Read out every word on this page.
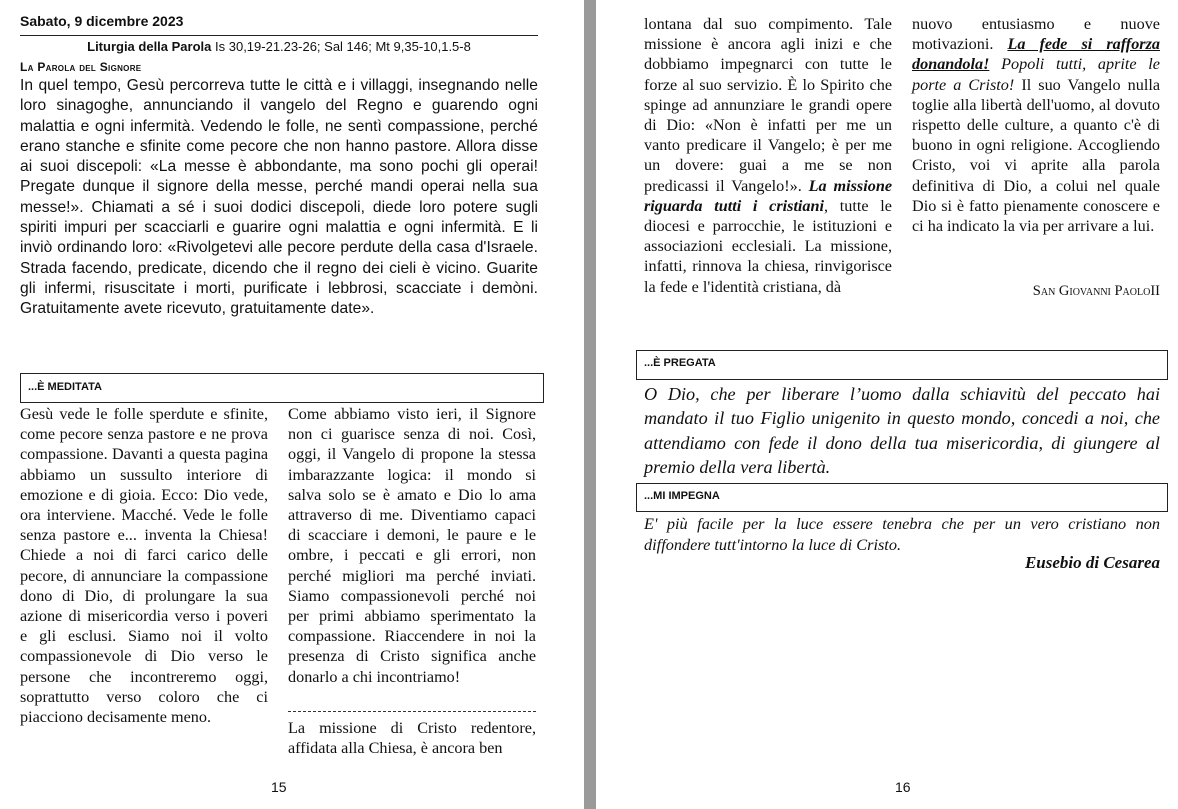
Sabato, 9 dicembre 2023
Liturgia della Parola Is 30,19-21.23-26; Sal 146; Mt 9,35-10,1.5-8
La Parola del Signore
In quel tempo, Gesù percorreva tutte le città e i villaggi, insegnando nelle loro sinagoghe, annunciando il vangelo del Regno e guarendo ogni malattia e ogni infermità. Vedendo le folle, ne sentì compassione, perché erano stanche e sfinite come pecore che non hanno pastore. Allora disse ai suoi discepoli: «La messe è abbondante, ma sono pochi gli operai! Pregate dunque il signore della messe, perché mandi operai nella sua messe!». Chiamati a sé i suoi dodici discepoli, diede loro potere sugli spiriti impuri per scacciarli e guarire ogni malattia e ogni infermità. E li inviò ordinando loro: «Rivolgetevi alle pecore perdute della casa d'Israele. Strada facendo, predicate, dicendo che il regno dei cieli è vicino. Guarite gli infermi, risuscitate i morti, purificate i lebbrosi, scacciate i demòni. Gratuitamente avete ricevuto, gratuitamente date».
...È MEDITATA
Gesù vede le folle sperdute e sfinite, come pecore senza pastore e ne prova compassione. Davanti a questa pagina abbiamo un sussulto interiore di emozione e di gioia. Ecco: Dio vede, ora interviene. Macché. Vede le folle senza pastore e... inventa la Chiesa! Chiede a noi di farci carico delle pecore, di annunciare la compassione dono di Dio, di prolungare la sua azione di misericordia verso i poveri e gli esclusi. Siamo noi il volto compassionevole di Dio verso le persone che incontreremo oggi, soprattutto verso coloro che ci piacciono decisamente meno.
Come abbiamo visto ieri, il Signore non ci guarisce senza di noi. Così, oggi, il Vangelo di propone la stessa imbarazzante logica: il mondo si salva solo se è amato e Dio lo ama attraverso di me. Diventiamo capaci di scacciare i demoni, le paure e le ombre, i peccati e gli errori, non perché migliori ma perché inviati. Siamo compassionevoli perché noi per primi abbiamo sperimentato la compassione. Riaccendere in noi la presenza di Cristo significa anche donarlo a chi incontriamo!
La missione di Cristo redentore, affidata alla Chiesa, è ancora ben
15
lontana dal suo compimento. Tale missione è ancora agli inizi e che dobbiamo impegnarci con tutte le forze al suo servizio. È lo Spirito che spinge ad annunziare le grandi opere di Dio: «Non è infatti per me un vanto predicare il Vangelo; è per me un dovere: guai a me se non predicassi il Vangelo!». La missione riguarda tutti i cristiani, tutte le diocesi e parrocchie, le istituzioni e associazioni ecclesiali. La missione, infatti, rinnova la chiesa, rinvigorisce la fede e l'identità cristiana, dà
nuovo entusiasmo e nuove motivazioni. La fede si rafforza donandola! Popoli tutti, aprite le porte a Cristo! Il suo Vangelo nulla toglie alla libertà dell'uomo, al dovuto rispetto delle culture, a quanto c'è di buono in ogni religione. Accogliendo Cristo, voi vi aprite alla parola definitiva di Dio, a colui nel quale Dio si è fatto pienamente conoscere e ci ha indicato la via per arrivare a lui.
San Giovanni PaoloII
...È PREGATA
O Dio, che per liberare l’uomo dalla schiavitù del peccato hai mandato il tuo Figlio unigenito in questo mondo, concedi a noi, che attendiamo con fede il dono della tua misericordia, di giungere al premio della vera libertà.
...MI IMPEGNA
E' più facile per la luce essere tenebra che per un vero cristiano non diffondere tutt'intorno la luce di Cristo.
Eusebio di Cesarea
16
